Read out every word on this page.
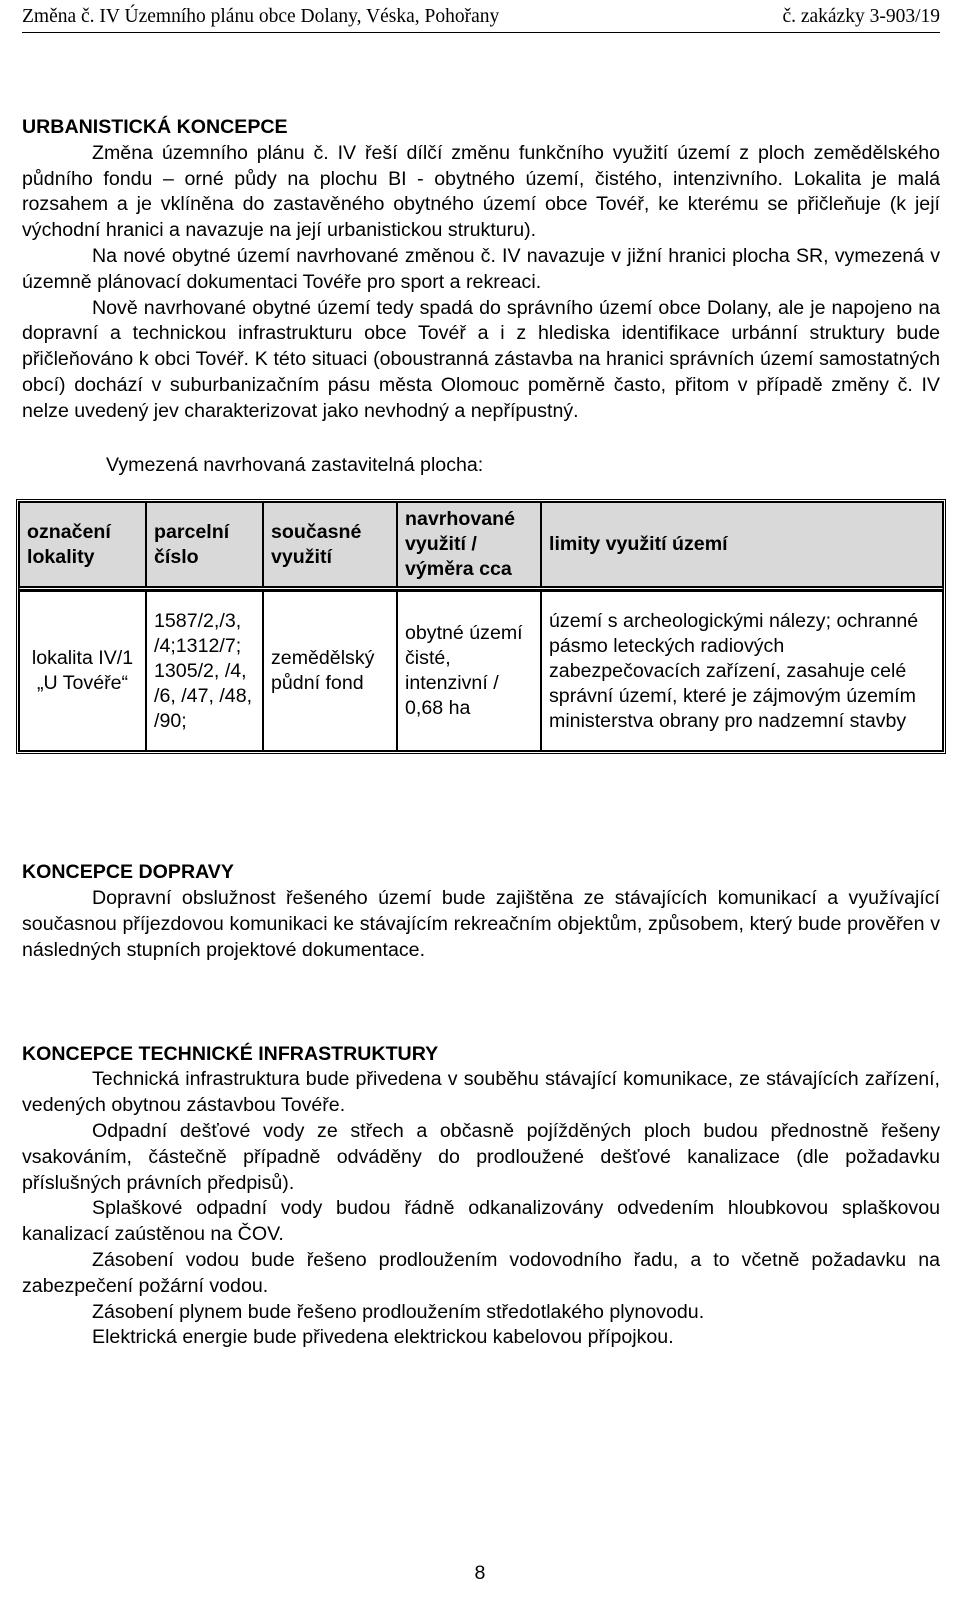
Změna č. IV Územního plánu obce Dolany, Véska, Pohořany	č. zakázky 3-903/19
URBANISTICKÁ KONCEPCE

Změna územního plánu č. IV řeší dílčí změnu funkčního využití území z ploch zemědělského půdního fondu – orné půdy na plochu BI - obytného území, čistého, intenzivního. Lokalita je malá rozsahem a je vklíněna do zastavěného obytného území obce Tovéř, ke kterému se přičleňuje (k její východní hranici a navazuje na její urbanistickou strukturu).

Na nové obytné území navrhované změnou č. IV navazuje v jižní hranici plocha SR, vymezená v územně plánovací dokumentaci Tovéře pro sport a rekreaci.

Nově navrhované obytné území tedy spadá do správního území obce Dolany, ale je napojeno na dopravní a technickou infrastrukturu obce Tovéř a i z hlediska identifikace urbánní struktury bude přičleňováno k obci Tovéř. K této situaci (oboustranná zástavba na hranici správních území samostatných obcí) dochází v suburbanizačním pásu města Olomouc poměrně často, přitom v případě změny č. IV nelze uvedený jev charakterizovat jako nevhodný a nepřípustný.

Vymezená navrhovaná zastavitelná plocha:

označení lokality	parcelní číslo	současné využití	navrhované využití / výměra cca	limity využití území

lokalita IV/1 „U Tovéře“	1587/2,/3, /4;1312/7; 1305/2, /4, /6, /47, /48, /90;	zemědělský půdní fond	obytné území čisté, intenzivní / 0,68 ha	území s archeologickými nálezy; ochranné pásmo leteckých radiových zabezpečovacích zařízení, zasahuje celé správní území, které je zájmovým územím ministerstva obrany pro nadzemní stavby
KONCEPCE DOPRAVY

Dopravní obslužnost řešeného území bude zajištěna ze stávajících komunikací a využívající současnou příjezdovou komunikaci ke stávajícím rekreačním objektům, způsobem, který bude prověřen v následných stupních projektové dokumentace.

KONCEPCE TECHNICKÉ INFRASTRUKTURY

Technická infrastruktura bude přivedena v souběhu stávající komunikace, ze stávajících zařízení, vedených obytnou zástavbou Tovéře.

Odpadní dešťové vody ze střech a občasně pojížděných ploch budou přednostně řešeny vsakováním, částečně případně odváděny do prodloužené dešťové kanalizace (dle požadavku příslušných právních předpisů).

Splaškové odpadní vody budou řádně odkanalizovány odvedením hloubkovou splaškovou kanalizací zaústěnou na ČOV.

Zásobení vodou bude řešeno prodloužením vodovodního řadu, a to včetně požadavku na zabezpečení požární vodou.

Zásobení plynem bude řešeno prodloužením středotlakého plynovodu.

Elektrická energie bude přivedena elektrickou kabelovou přípojkou.

8
